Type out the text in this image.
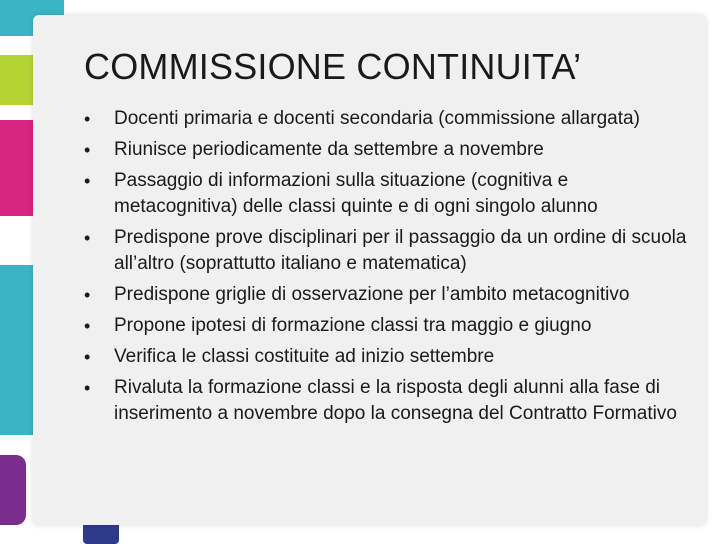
COMMISSIONE CONTINUITA’
• Docenti primaria e docenti secondaria (commissione allargata)
• Riunisce periodicamente da settembre a novembre
• Passaggio di informazioni sulla situazione (cognitiva e metacognitiva) delle classi quinte e di ogni singolo alunno
• Predispone prove disciplinari per il passaggio da un ordine di scuola all’altro (soprattutto italiano e matematica)
• Predispone griglie di osservazione per l’ambito metacognitivo
• Propone ipotesi di formazione classi tra maggio e giugno
• Verifica le classi costituite ad inizio settembre
• Rivaluta la formazione classi e la risposta degli alunni alla fase di inserimento a novembre dopo la consegna del Contratto Formativo
